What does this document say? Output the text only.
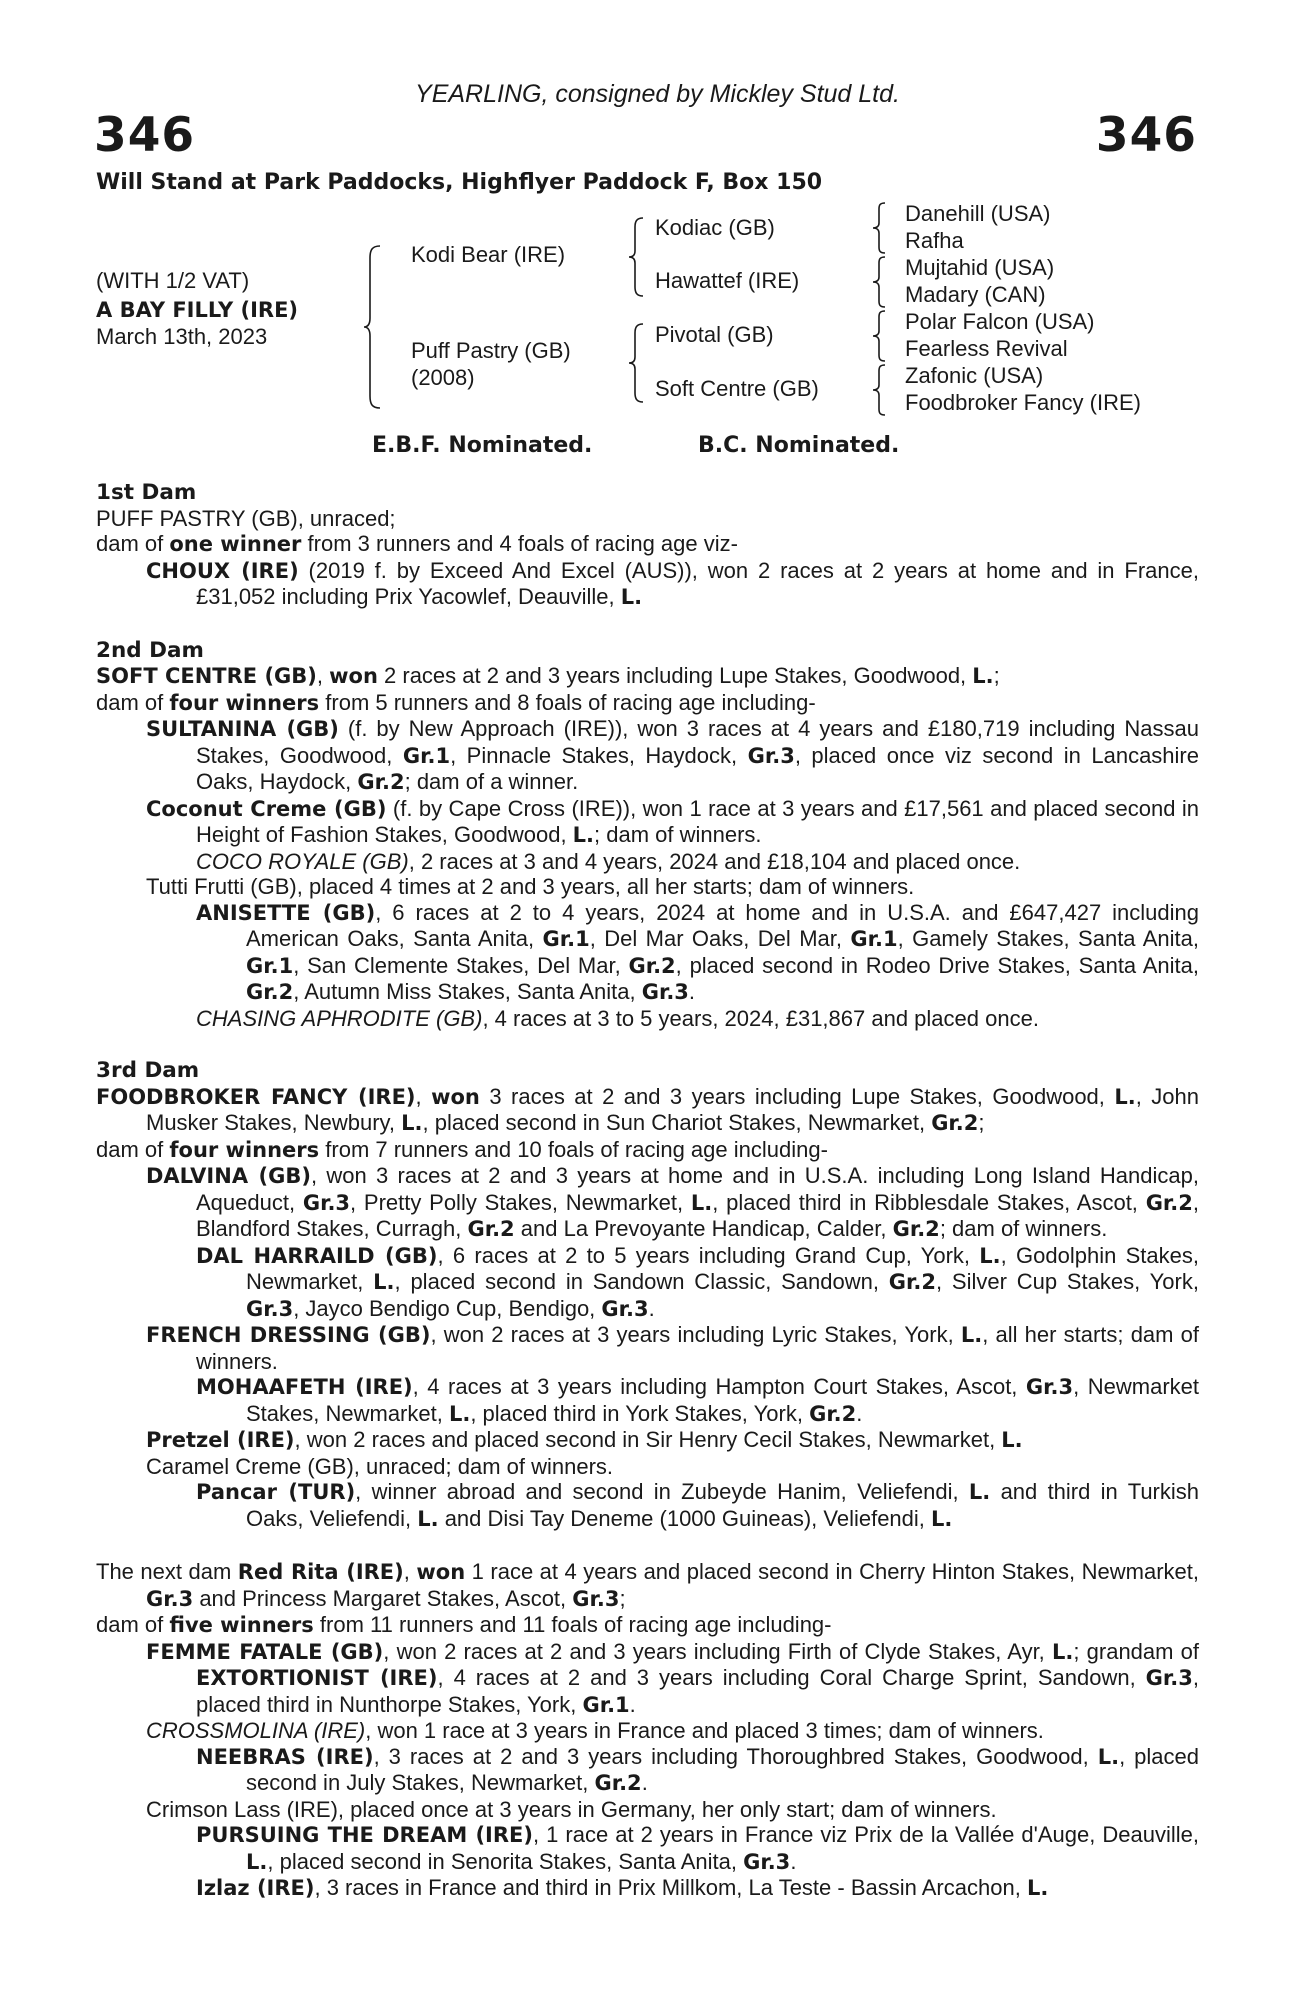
YEARLING, consigned by Mickley Stud Ltd.
346	346
Will Stand at Park Paddocks, Highflyer Paddock F, Box 150
(WITH 1/2 VAT)
A BAY FILLY (IRE)
March 13th, 2023
Kodi Bear (IRE)
Puff Pastry (GB)
(2008)
Kodiac (GB)
Hawattef (IRE)
Pivotal (GB)
Soft Centre (GB)
Danehill (USA)
Rafha
Mujtahid (USA)
Madary (CAN)
Polar Falcon (USA)
Fearless Revival
Zafonic (USA)
Foodbroker Fancy (IRE)
E.B.F. Nominated.	B.C. Nominated.
1st Dam

PUFF PASTRY (GB), unraced;

dam of one winner from 3 runners and 4 foals of racing age viz-

CHOUX (IRE) (2019 f. by Exceed And Excel (AUS)), won 2 races at 2 years at home and in France, £31,052 including Prix Yacowlef, Deauville, L.

2nd Dam

SOFT CENTRE (GB), won 2 races at 2 and 3 years including Lupe Stakes, Goodwood, L.;

dam of four winners from 5 runners and 8 foals of racing age including-

SULTANINA (GB) (f. by New Approach (IRE)), won 3 races at 4 years and £180,719 including Nassau Stakes, Goodwood, Gr.1, Pinnacle Stakes, Haydock, Gr.3, placed once viz second in Lancashire Oaks, Haydock, Gr.2; dam of a winner.

Coconut Creme (GB) (f. by Cape Cross (IRE)), won 1 race at 3 years and £17,561 and placed second in Height of Fashion Stakes, Goodwood, L.; dam of winners.

COCO ROYALE (GB), 2 races at 3 and 4 years, 2024 and £18,104 and placed once.

Tutti Frutti (GB), placed 4 times at 2 and 3 years, all her starts; dam of winners.

ANISETTE (GB), 6 races at 2 to 4 years, 2024 at home and in U.S.A. and £647,427 including American Oaks, Santa Anita, Gr.1, Del Mar Oaks, Del Mar, Gr.1, Gamely Stakes, Santa Anita, Gr.1, San Clemente Stakes, Del Mar, Gr.2, placed second in Rodeo Drive Stakes, Santa Anita, Gr.2, Autumn Miss Stakes, Santa Anita, Gr.3.

CHASING APHRODITE (GB), 4 races at 3 to 5 years, 2024, £31,867 and placed once.

3rd Dam

FOODBROKER FANCY (IRE), won 3 races at 2 and 3 years including Lupe Stakes, Goodwood, L., John Musker Stakes, Newbury, L., placed second in Sun Chariot Stakes, Newmarket, Gr.2;

dam of four winners from 7 runners and 10 foals of racing age including-

DALVINA (GB), won 3 races at 2 and 3 years at home and in U.S.A. including Long Island Handicap, Aqueduct, Gr.3, Pretty Polly Stakes, Newmarket, L., placed third in Ribblesdale Stakes, Ascot, Gr.2, Blandford Stakes, Curragh, Gr.2 and La Prevoyante Handicap, Calder, Gr.2; dam of winners.

DAL HARRAILD (GB), 6 races at 2 to 5 years including Grand Cup, York, L., Godolphin Stakes, Newmarket, L., placed second in Sandown Classic, Sandown, Gr.2, Silver Cup Stakes, York, Gr.3, Jayco Bendigo Cup, Bendigo, Gr.3.

FRENCH DRESSING (GB), won 2 races at 3 years including Lyric Stakes, York, L., all her starts; dam of winners.

MOHAAFETH (IRE), 4 races at 3 years including Hampton Court Stakes, Ascot, Gr.3, Newmarket Stakes, Newmarket, L., placed third in York Stakes, York, Gr.2.

Pretzel (IRE), won 2 races and placed second in Sir Henry Cecil Stakes, Newmarket, L.

Caramel Creme (GB), unraced; dam of winners.

Pancar (TUR), winner abroad and second in Zubeyde Hanim, Veliefendi, L. and third in Turkish Oaks, Veliefendi, L. and Disi Tay Deneme (1000 Guineas), Veliefendi, L.

The next dam Red Rita (IRE), won 1 race at 4 years and placed second in Cherry Hinton Stakes, Newmarket, Gr.3 and Princess Margaret Stakes, Ascot, Gr.3;

dam of five winners from 11 runners and 11 foals of racing age including-

FEMME FATALE (GB), won 2 races at 2 and 3 years including Firth of Clyde Stakes, Ayr, L.; grandam of EXTORTIONIST (IRE), 4 races at 2 and 3 years including Coral Charge Sprint, Sandown, Gr.3, placed third in Nunthorpe Stakes, York, Gr.1.

CROSSMOLINA (IRE), won 1 race at 3 years in France and placed 3 times; dam of winners.

NEEBRAS (IRE), 3 races at 2 and 3 years including Thoroughbred Stakes, Goodwood, L., placed second in July Stakes, Newmarket, Gr.2.

Crimson Lass (IRE), placed once at 3 years in Germany, her only start; dam of winners.

PURSUING THE DREAM (IRE), 1 race at 2 years in France viz Prix de la Vallée d'Auge, Deauville, L., placed second in Senorita Stakes, Santa Anita, Gr.3.

Izlaz (IRE), 3 races in France and third in Prix Millkom, La Teste - Bassin Arcachon, L.
